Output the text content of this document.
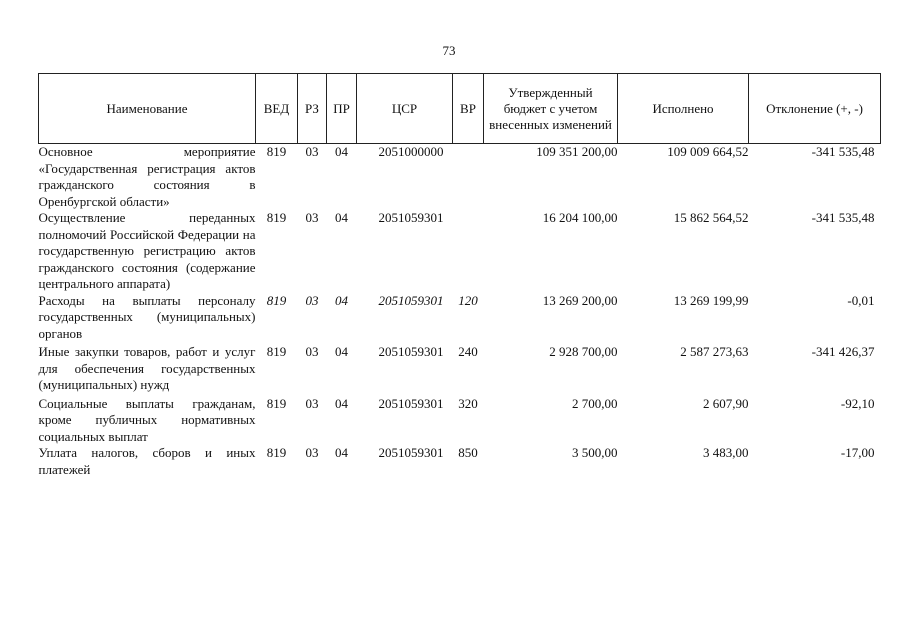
73
Наименование	ВЕД	РЗ	ПР	ЦСР	ВР	Утвержденный бюджет с учетом внесенных изменений	Исполнено	Отклонение (+, -)
Основное мероприятие «Государственная регистрация актов гражданского состояния в Оренбургской области»	819	03	04	2051000000		109 351 200,00	109 009 664,52	-341 535,48
Осуществление переданных полномочий Российской Федерации на государственную регистрацию актов гражданского состояния (содержание центрального аппарата)	819	03	04	2051059301		16 204 100,00	15 862 564,52	-341 535,48
Расходы на выплаты персоналу государственных (муниципальных) органов	819	03	04	2051059301	120	13 269 200,00	13 269 199,99	-0,01
Иные закупки товаров, работ и услуг для обеспечения государственных (муниципальных) нужд	819	03	04	2051059301	240	2 928 700,00	2 587 273,63	-341 426,37
Социальные выплаты гражданам, кроме публичных нормативных социальных выплат	819	03	04	2051059301	320	2 700,00	2 607,90	-92,10
Уплата налогов, сборов и иных платежей	819	03	04	2051059301	850	3 500,00	3 483,00	-17,00
